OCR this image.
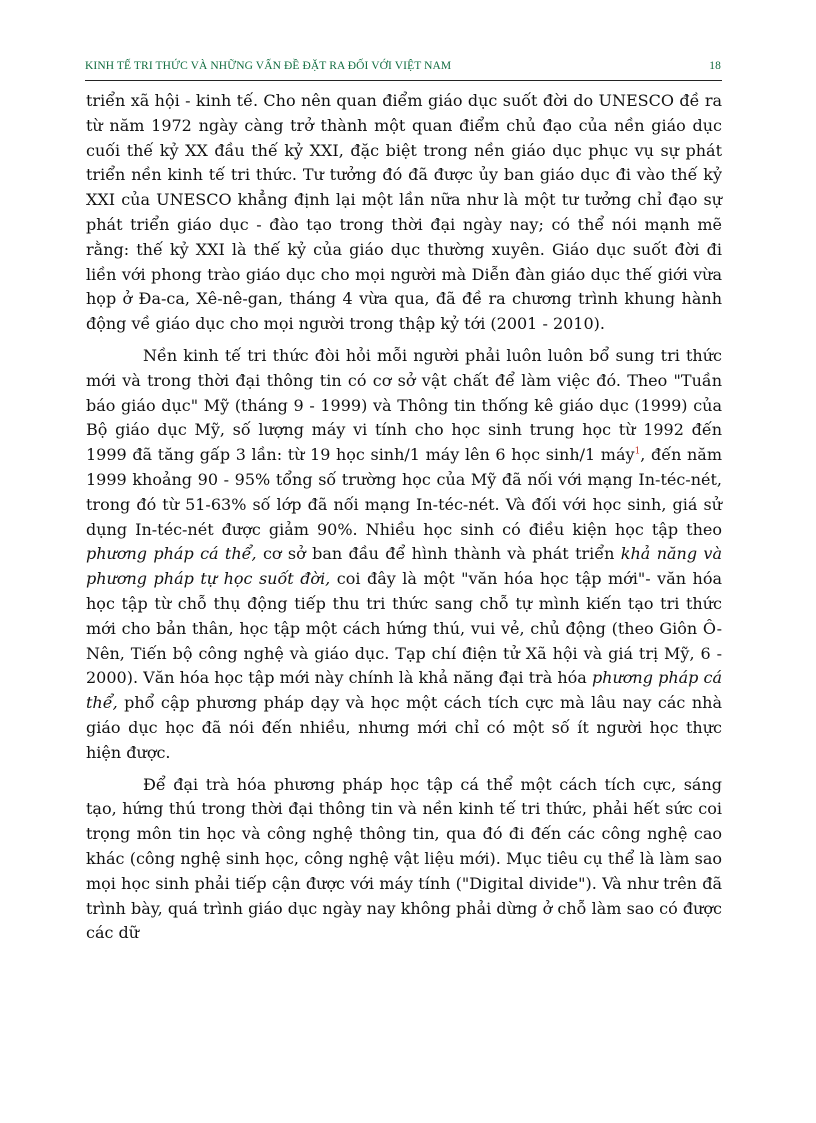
KINH TẾ TRI THỨC VÀ NHỮNG VẤN ĐỀ ĐẶT RA ĐỐI VỚI VIỆT NAM	18

triển xã hội - kinh tế. Cho nên quan điểm giáo dục suốt đời do UNESCO đề ra từ năm 1972 ngày càng trở thành một quan điểm chủ đạo của nền giáo dục cuối thế kỷ XX đầu thế kỷ XXI, đặc biệt trong nền giáo dục phục vụ sự phát triển nền kinh tế tri thức. Tư tưởng đó đã được ủy ban giáo dục đi vào thế kỷ XXI của UNESCO khẳng định lại một lần nữa như là một tư tưởng chỉ đạo sự phát triển giáo dục - đào tạo trong thời đại ngày nay; có thể nói mạnh mẽ rằng: thế kỷ XXI là thế kỷ của giáo dục thường xuyên. Giáo dục suốt đời đi liền với phong trào giáo dục cho mọi người mà Diễn đàn giáo dục thế giới vừa họp ở Đa-ca, Xê-nê-gan, tháng 4 vừa qua, đã đề ra chương trình khung hành động về giáo dục cho mọi người trong thập kỷ tới (2001 - 2010).

Nền kinh tế tri thức đòi hỏi mỗi người phải luôn luôn bổ sung tri thức mới và trong thời đại thông tin có cơ sở vật chất để làm việc đó. Theo "Tuần báo giáo dục" Mỹ (tháng 9 - 1999) và Thông tin thống kê giáo dục (1999) của Bộ giáo dục Mỹ, số lượng máy vi tính cho học sinh trung học từ 1992 đến 1999 đã tăng gấp 3 lần: từ 19 học sinh/1 máy lên 6 học sinh/1 máy$^1$, đến năm 1999 khoảng 90 - 95% tổng số trường học của Mỹ đã nối với mạng In-téc-nét, trong đó từ 51-63% số lớp đã nối mạng In-téc-nét. Và đối với học sinh, giá sử dụng In-téc-nét được giảm 90%. Nhiều học sinh có điều kiện học tập theo phương pháp cá thể, cơ sở ban đầu để hình thành và phát triển khả năng và phương pháp tự học suốt đời, coi đây là một "văn hóa học tập mới"- văn hóa học tập từ chỗ thụ động tiếp thu tri thức sang chỗ tự mình kiến tạo tri thức mới cho bản thân, học tập một cách hứng thú, vui vẻ, chủ động (theo Giôn Ô-Nên, Tiến bộ công nghệ và giáo dục. Tạp chí điện tử Xã hội và giá trị Mỹ, 6 - 2000). Văn hóa học tập mới này chính là khả năng đại trà hóa phương pháp cá thể, phổ cập phương pháp dạy và học một cách tích cực mà lâu nay các nhà giáo dục học đã nói đến nhiều, nhưng mới chỉ có một số ít người học thực hiện được.

Để đại trà hóa phương pháp học tập cá thể một cách tích cực, sáng tạo, hứng thú trong thời đại thông tin và nền kinh tế tri thức, phải hết sức coi trọng môn tin học và công nghệ thông tin, qua đó đi đến các công nghệ cao khác (công nghệ sinh học, công nghệ vật liệu mới). Mục tiêu cụ thể là làm sao mọi học sinh phải tiếp cận được với máy tính ("Digital divide"). Và như trên đã trình bày, quá trình giáo dục ngày nay không phải dừng ở chỗ làm sao có được các dữ
